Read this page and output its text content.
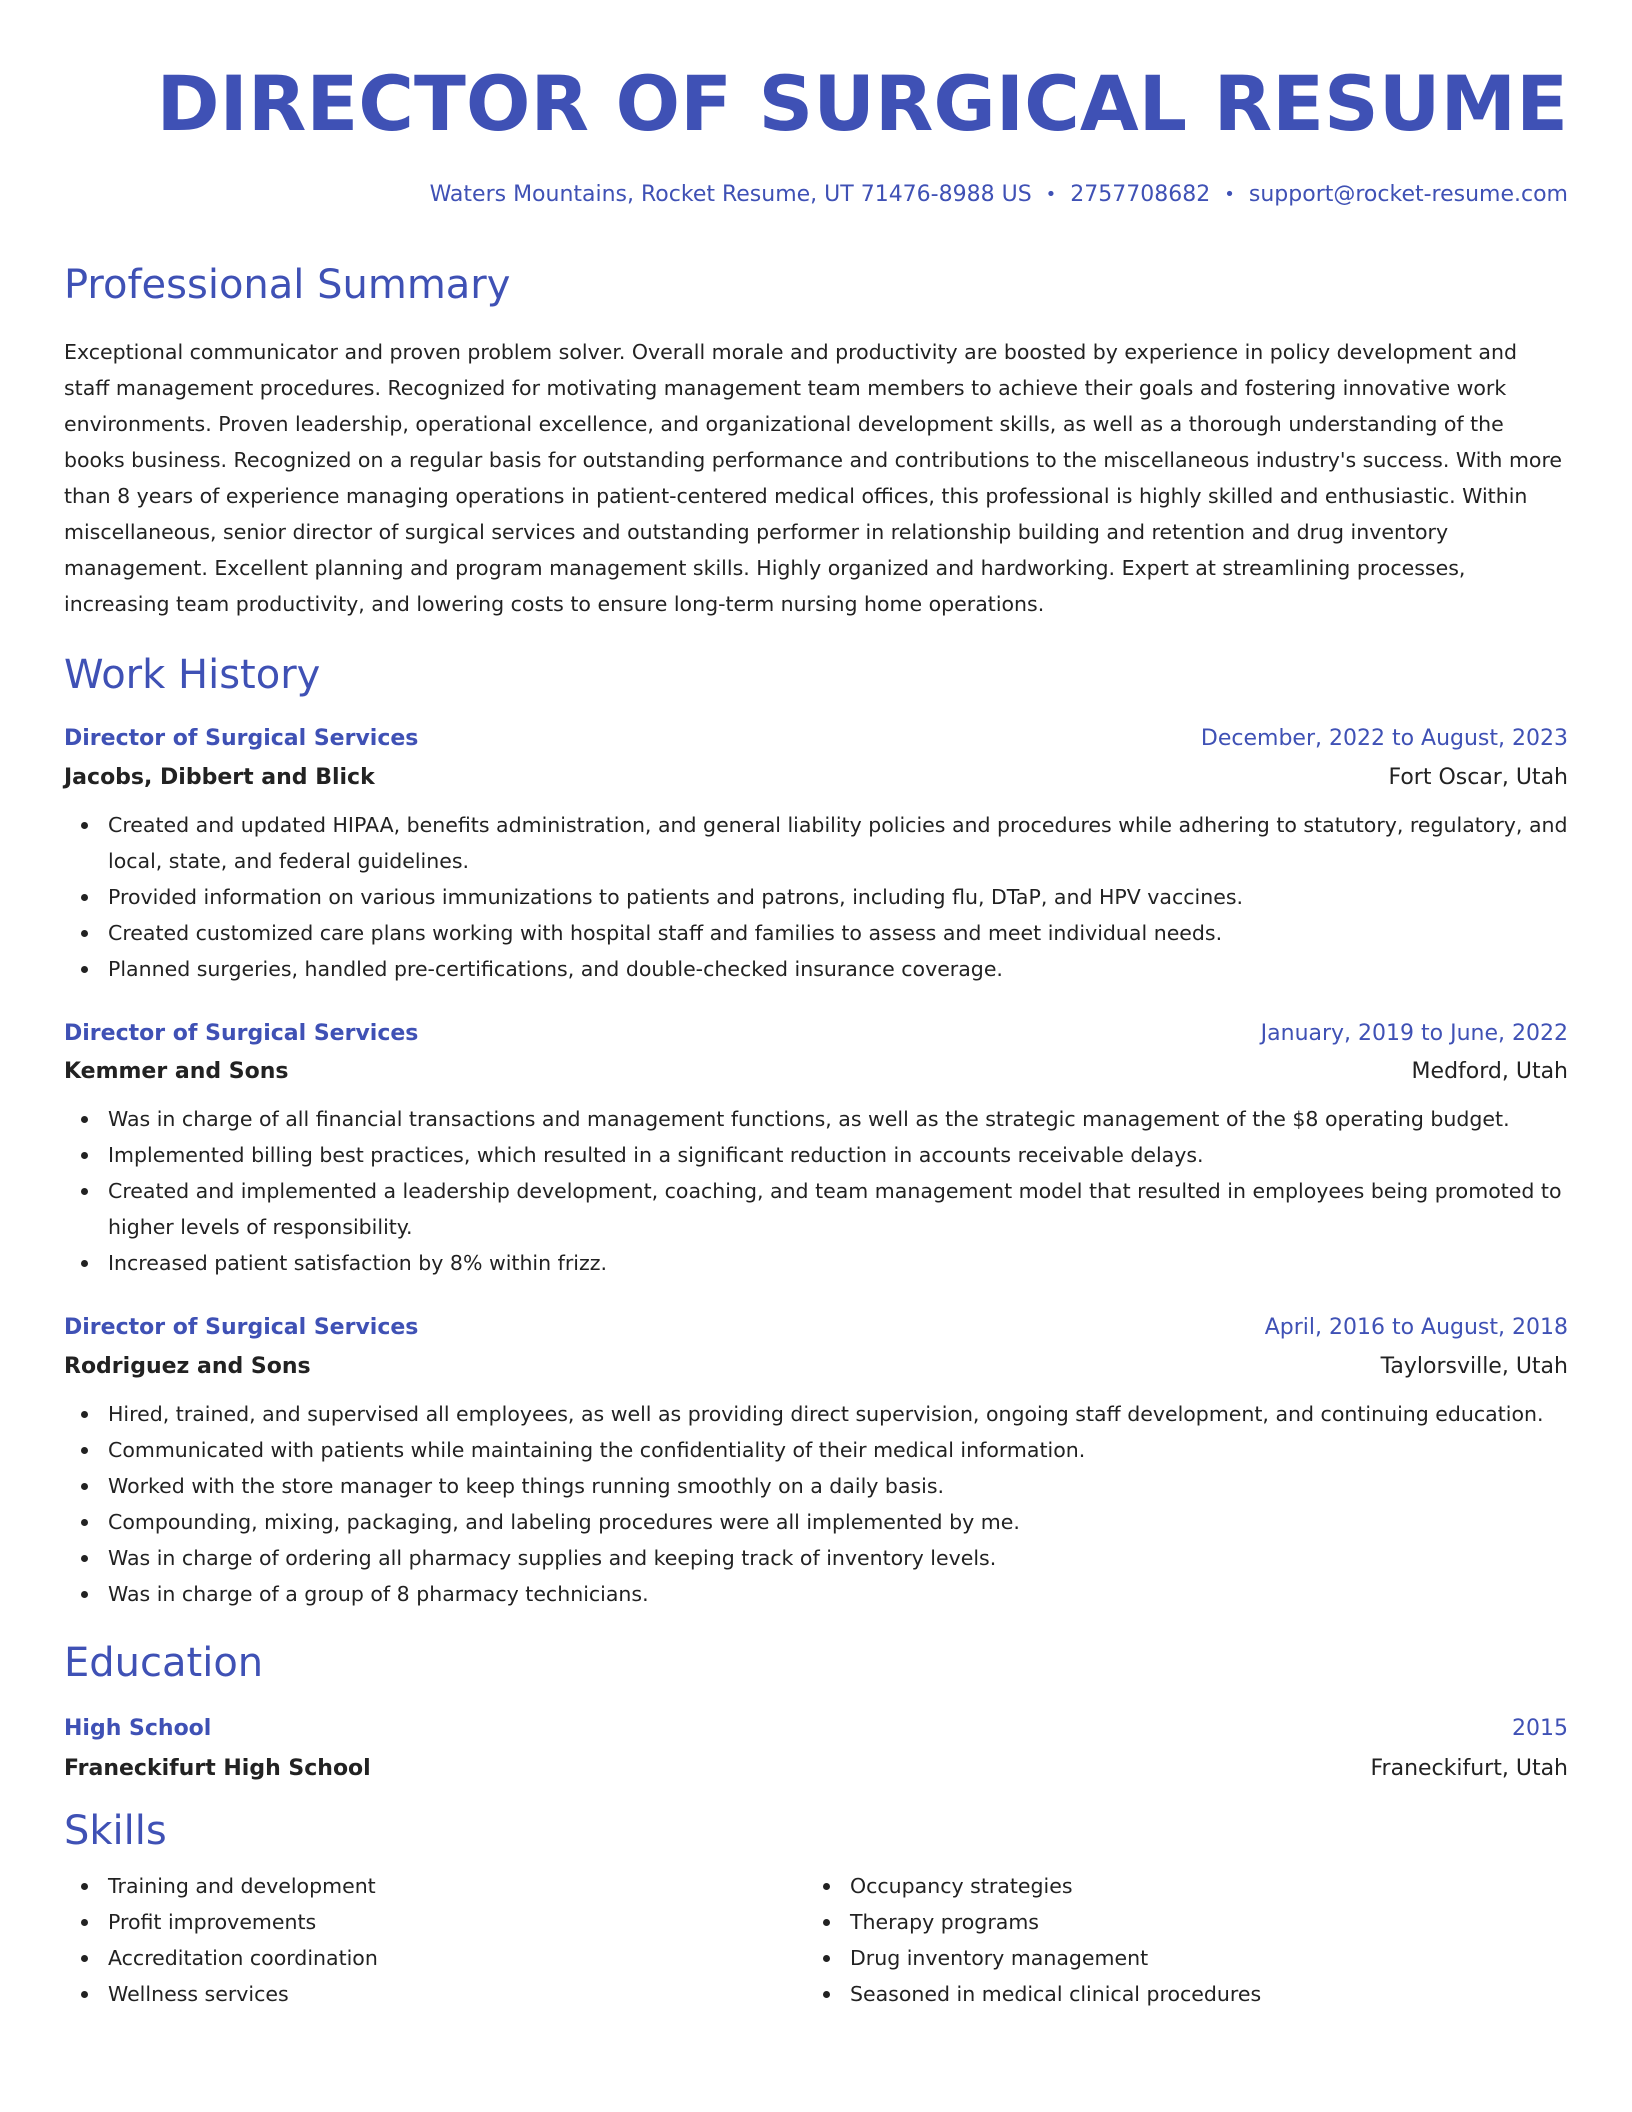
DIRECTOR OF SURGICAL RESUME
Waters Mountains, Rocket Resume, UT 71476-8988 US • 2757708682 • support@rocket-resume.com
Professional Summary

Exceptional communicator and proven problem solver. Overall morale and productivity are boosted by experience in policy development and staff management procedures. Recognized for motivating management team members to achieve their goals and fostering innovative work environments. Proven leadership, operational excellence, and organizational development skills, as well as a thorough understanding of the books business. Recognized on a regular basis for outstanding performance and contributions to the miscellaneous industry's success. With more than 8 years of experience managing operations in patient-centered medical offices, this professional is highly skilled and enthusiastic. Within miscellaneous, senior director of surgical services and outstanding performer in relationship building and retention and drug inventory management. Excellent planning and program management skills. Highly organized and hardworking. Expert at streamlining processes, increasing team productivity, and lowering costs to ensure long-term nursing home operations.

Work History
Director of Surgical Services	December, 2022 to August, 2023
Jacobs, Dibbert and Blick	Fort Oscar, Utah
Created and updated HIPAA, benefits administration, and general liability policies and procedures while adhering to statutory, regulatory, and local, state, and federal guidelines.
Provided information on various immunizations to patients and patrons, including flu, DTaP, and HPV vaccines.
Created customized care plans working with hospital staff and families to assess and meet individual needs.
Planned surgeries, handled pre-certifications, and double-checked insurance coverage.
Director of Surgical Services	January, 2019 to June, 2022
Kemmer and Sons	Medford, Utah
Was in charge of all financial transactions and management functions, as well as the strategic management of the $8 operating budget.
Implemented billing best practices, which resulted in a significant reduction in accounts receivable delays.
Created and implemented a leadership development, coaching, and team management model that resulted in employees being promoted to higher levels of responsibility.
Increased patient satisfaction by 8% within frizz.
Director of Surgical Services	April, 2016 to August, 2018
Rodriguez and Sons	Taylorsville, Utah
Hired, trained, and supervised all employees, as well as providing direct supervision, ongoing staff development, and continuing education.
Communicated with patients while maintaining the confidentiality of their medical information.
Worked with the store manager to keep things running smoothly on a daily basis.
Compounding, mixing, packaging, and labeling procedures were all implemented by me.
Was in charge of ordering all pharmacy supplies and keeping track of inventory levels.
Was in charge of a group of 8 pharmacy technicians.
Education
High School	2015
Franeckifurt High School	Franeckifurt, Utah
Skills
Training and development
Profit improvements
Accreditation coordination
Wellness services
Occupancy strategies
Therapy programs
Drug inventory management
Seasoned in medical clinical procedures
